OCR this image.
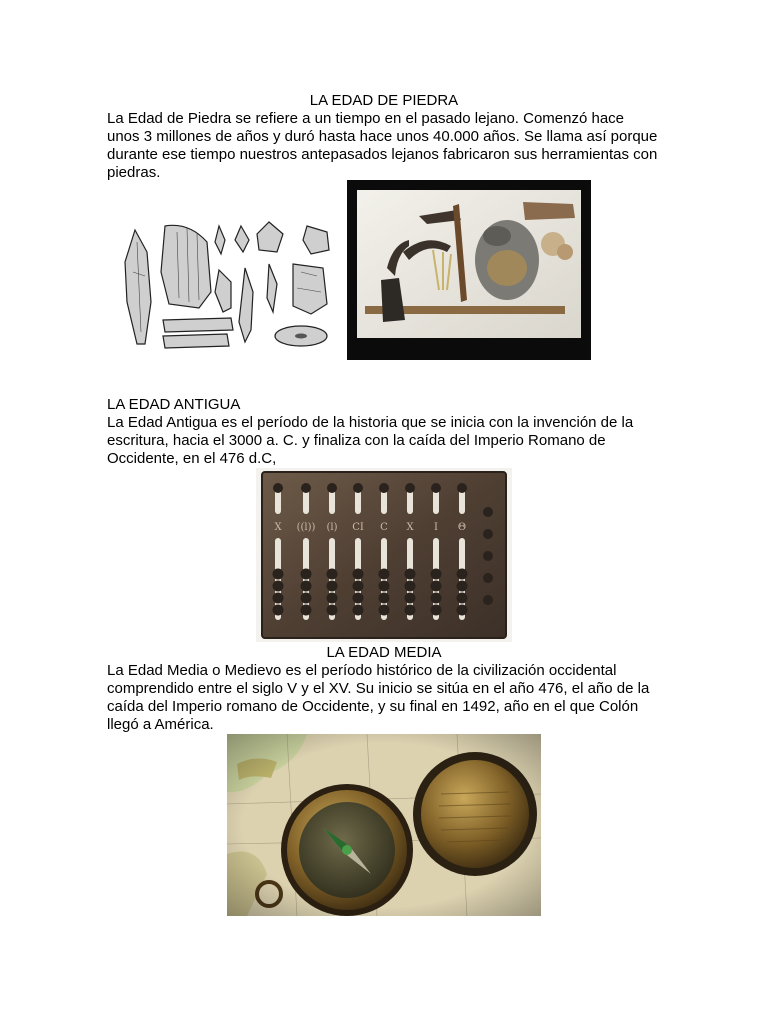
LA EDAD DE PIEDRA
La Edad de Piedra se refiere a un tiempo en el pasado lejano. Comenzó hace
unos 3 millones de años y duró hasta hace unos 40.000 años. Se llama así porque
durante ese tiempo nuestros antepasados lejanos fabricaron sus herramientas con
piedras.
LA EDAD ANTIGUA
La Edad Antigua es el período de la historia que se inicia con la invención de la
escritura, hacia el 3000 a. C. y finaliza con la caída del Imperio Romano de
Occidente, en el 476 d.C,
X ((l)) (l) CI C X I Θ
LA EDAD MEDIA
La Edad Media o Medievo es el período histórico de la civilización occidental
comprendido entre el siglo V y el XV. Su inicio se sitúa en el año 476, el año de la
caída del Imperio romano de Occidente, y su final en 1492, año en el que Colón
llegó a América.
